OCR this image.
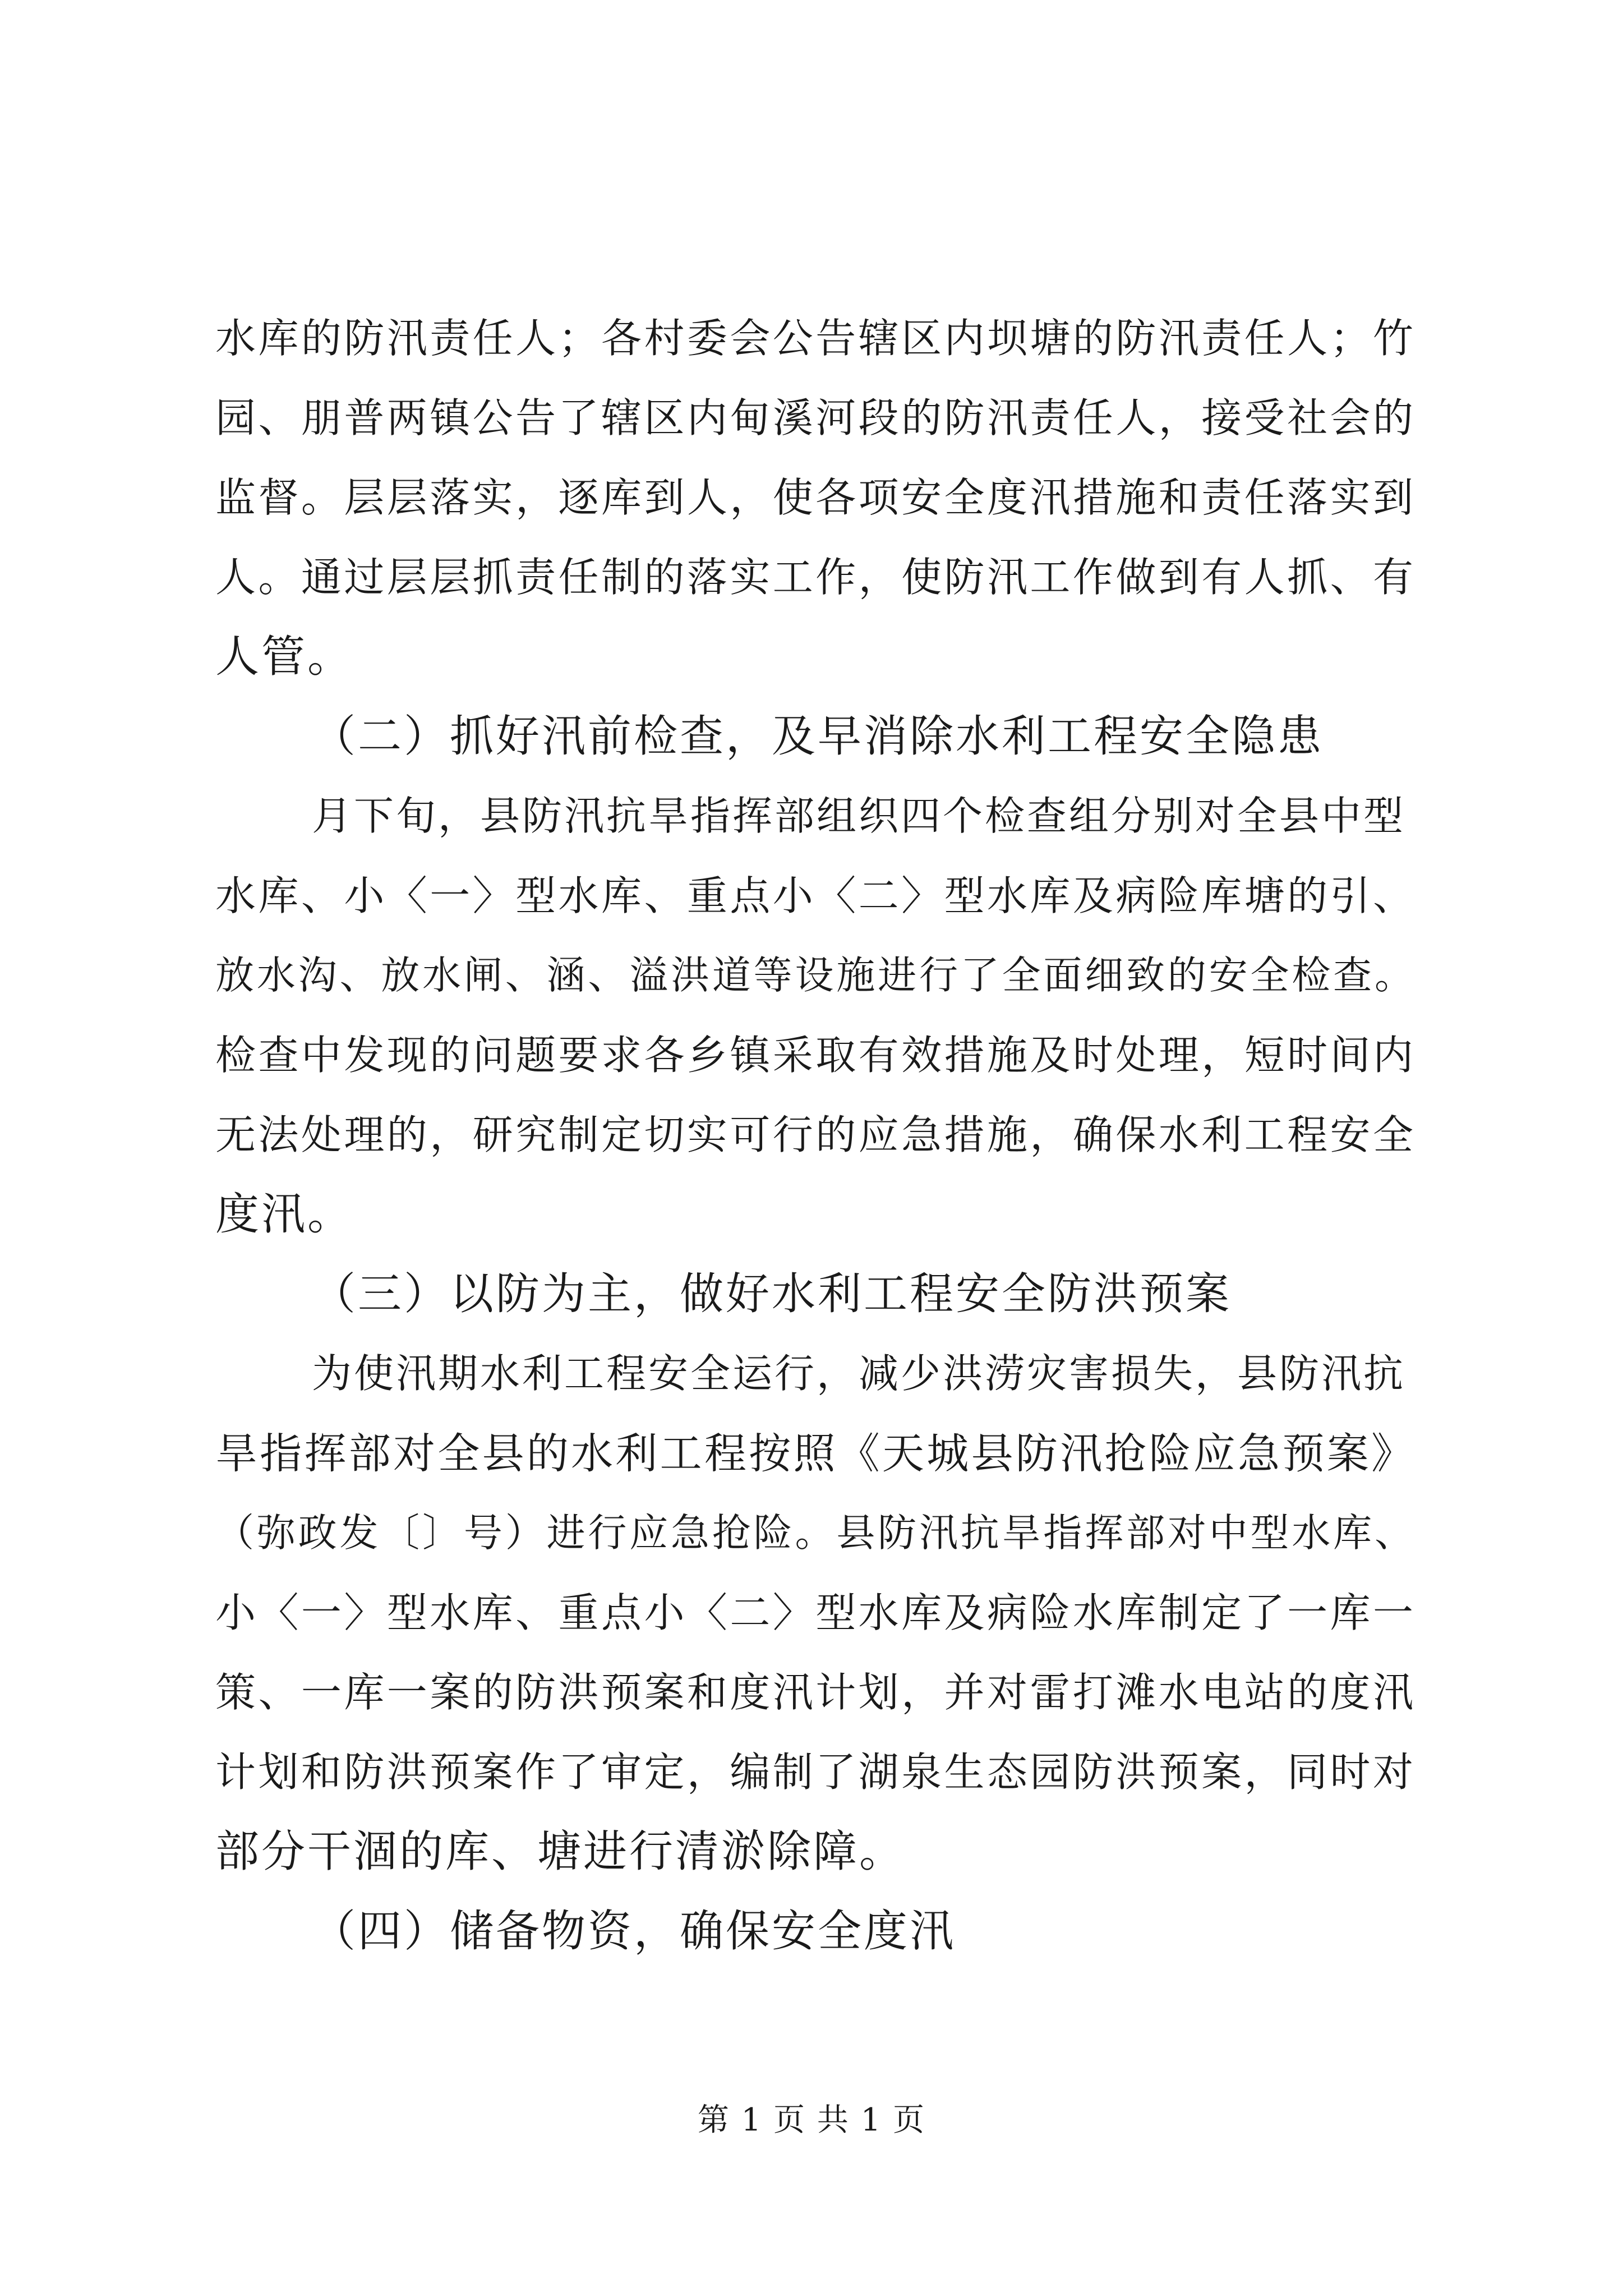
水库的防汛责任人；各村委会公告辖区内坝塘的防汛责任人；竹
园、朋普两镇公告了辖区内甸溪河段的防汛责任人，接受社会的
监督。层层落实，逐库到人，使各项安全度汛措施和责任落实到
人。通过层层抓责任制的落实工作，使防汛工作做到有人抓、有
人管。
（二）抓好汛前检查，及早消除水利工程安全隐患
月下旬，县防汛抗旱指挥部组织四个检查组分别对全县中型
水库、小〈一〉型水库、重点小〈二〉型水库及病险库塘的引、
放水沟、放水闸、涵、溢洪道等设施进行了全面细致的安全检查。
检查中发现的问题要求各乡镇采取有效措施及时处理，短时间内
无法处理的，研究制定切实可行的应急措施，确保水利工程安全
度汛。
（三）以防为主，做好水利工程安全防洪预案
为使汛期水利工程安全运行，减少洪涝灾害损失，县防汛抗
旱指挥部对全县的水利工程按照《天城县防汛抢险应急预案》
（弥政发〔〕号）进行应急抢险。县防汛抗旱指挥部对中型水库、
小〈一〉型水库、重点小〈二〉型水库及病险水库制定了一库一
策、一库一案的防洪预案和度汛计划，并对雷打滩水电站的度汛
计划和防洪预案作了审定，编制了湖泉生态园防洪预案，同时对
部分干涸的库、塘进行清淤除障。
（四）储备物资，确保安全度汛
第 1 页 共 1 页
